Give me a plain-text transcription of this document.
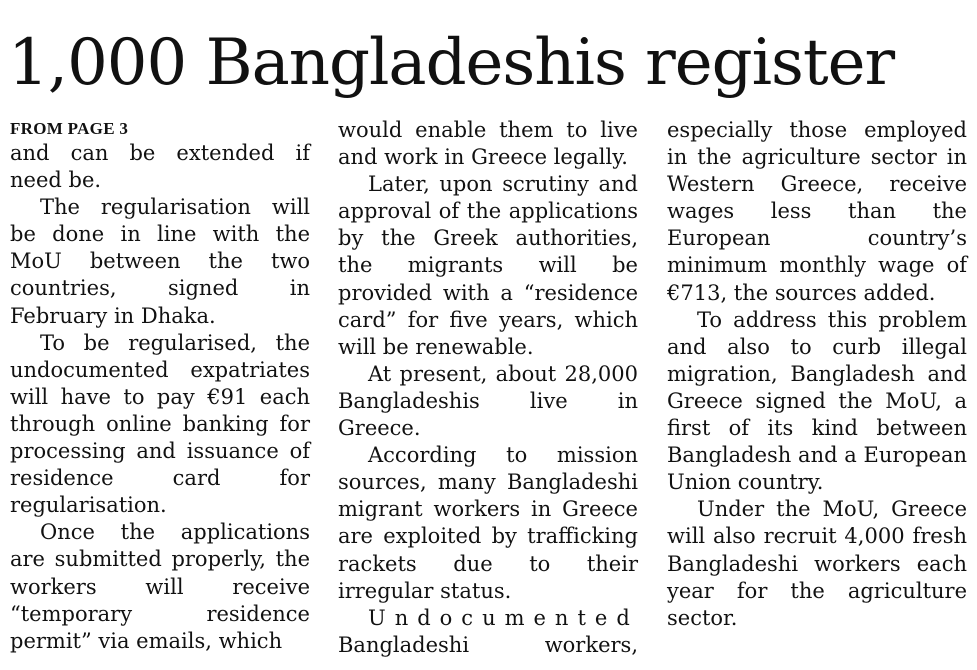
1,000 Bangladeshis register
FROM PAGE 3

and can be extended if need be.

The regularisation will be done in line with the MoU between the two countries, signed in February in Dhaka.

To be regularised, the undocumented expatriates will have to pay €91 each through online banking for processing and issuance of residence card for regularisation.

Once the applications are submitted properly, the workers will receive “temporary residence permit” via emails, which

would enable them to live and work in Greece legally.

Later, upon scrutiny and approval of the applications by the Greek authorities, the migrants will be provided with a “residence card” for five years, which will be renewable.

At present, about 28,000 Bangladeshis live in Greece.

According to mission sources, many Bangladeshi migrant workers in Greece are exploited by trafficking rackets due to their irregular status.

Undocumented

Bangladeshi workers,

especially those employed in the agriculture sector in Western Greece, receive wages less than the European country’s minimum monthly wage of €713, the sources added.

To address this problem and also to curb illegal migration, Bangladesh and Greece signed the MoU, a first of its kind between Bangladesh and a European Union country.

Under the MoU, Greece will also recruit 4,000 fresh Bangladeshi workers each year for the agriculture sector.
